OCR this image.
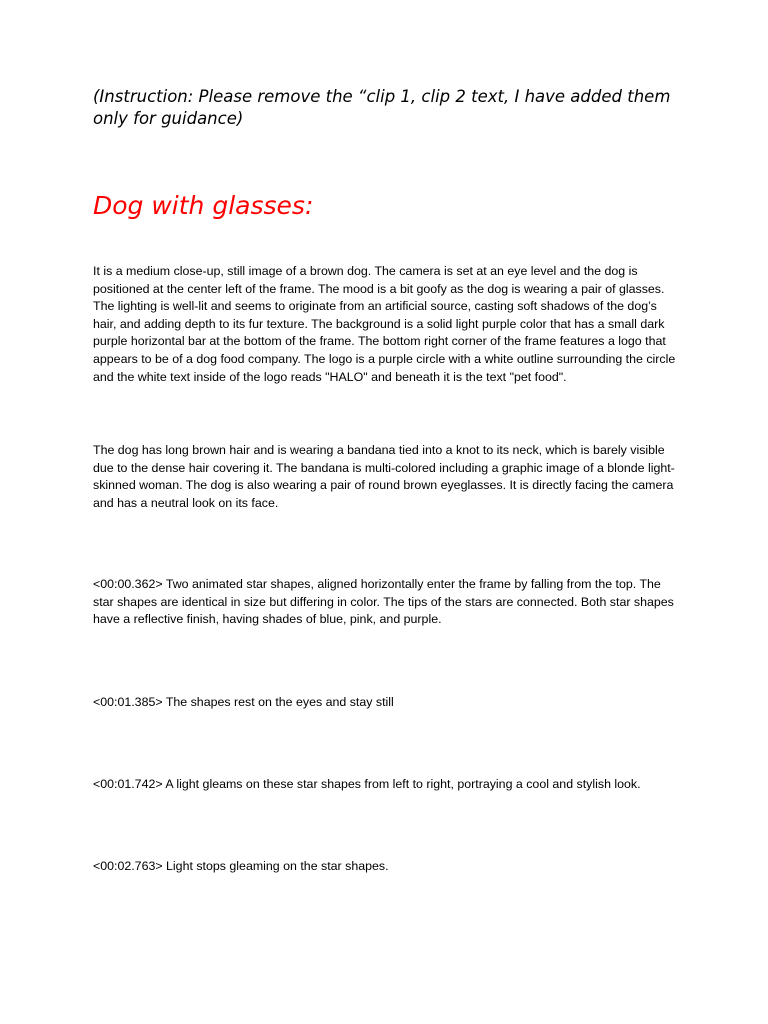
(Instruction: Please remove the “clip 1, clip 2 text, I have added them only for guidance)

Dog with glasses:

It is a medium close-up, still image of a brown dog. The camera is set at an eye level and the dog is positioned at the center left of the frame. The mood is a bit goofy as the dog is wearing a pair of glasses. The lighting is well-lit and seems to originate from an artificial source, casting soft shadows of the dog’s hair, and adding depth to its fur texture. The background is a solid light purple color that has a small dark purple horizontal bar at the bottom of the frame. The bottom right corner of the frame features a logo that appears to be of a dog food company. The logo is a purple circle with a white outline surrounding the circle and the white text inside of the logo reads "HALO" and beneath it is the text "pet food".

The dog has long brown hair and is wearing a bandana tied into a knot to its neck, which is barely visible due to the dense hair covering it. The bandana is multi-colored including a graphic image of a blonde light-skinned woman. The dog is also wearing a pair of round brown eyeglasses. It is directly facing the camera and has a neutral look on its face.

<00:00.362> Two animated star shapes, aligned horizontally enter the frame by falling from the top. The star shapes are identical in size but differing in color. The tips of the stars are connected. Both star shapes have a reflective finish, having shades of blue, pink, and purple.

<00:01.385> The shapes rest on the eyes and stay still

<00:01.742> A light gleams on these star shapes from left to right, portraying a cool and stylish look.

<00:02.763> Light stops gleaming on the star shapes.
